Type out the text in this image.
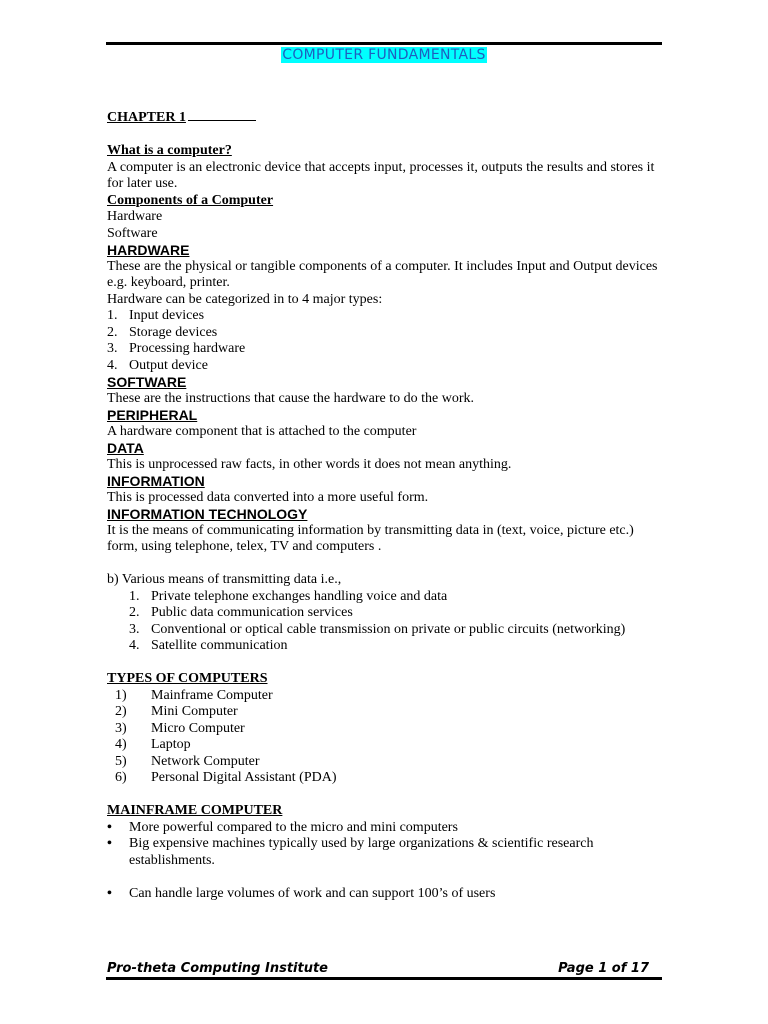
COMPUTER FUNDAMENTALS

CHAPTER 1

What is a computer?

A computer is an electronic device that accepts input, processes it, outputs the results and stores it for later use.

Components of a Computer

Hardware

Software

HARDWARE

These are the physical or tangible components of a computer. It includes Input and Output devices e.g. keyboard, printer.

Hardware can be categorized in to 4 major types:

1. Input devices
2. Storage devices
3. Processing hardware
4. Output device

SOFTWARE

These are the instructions that cause the hardware to do the work.

PERIPHERAL

A hardware component that is attached to the computer

DATA

This is unprocessed raw facts, in other words it does not mean anything.

INFORMATION

This is processed data converted into a more useful form.

INFORMATION TECHNOLOGY

It is the means of communicating information by transmitting data in (text, voice, picture etc.) form, using telephone, telex, TV and computers .

b) Various means of transmitting data i.e.,

1. Private telephone exchanges handling voice and data
2. Public data communication services
3. Conventional or optical cable transmission on private or public circuits (networking)
4. Satellite communication

TYPES OF COMPUTERS

1) Mainframe Computer
2) Mini Computer
3) Micro Computer
4) Laptop
5) Network Computer
6) Personal Digital Assistant (PDA)

MAINFRAME COMPUTER

• More powerful compared to the micro and mini computers
• Big expensive machines typically used by large organizations & scientific research establishments.
• Can handle large volumes of work and can support 100’s of users
Pro-theta Computing Institute	Page 1 of 17
